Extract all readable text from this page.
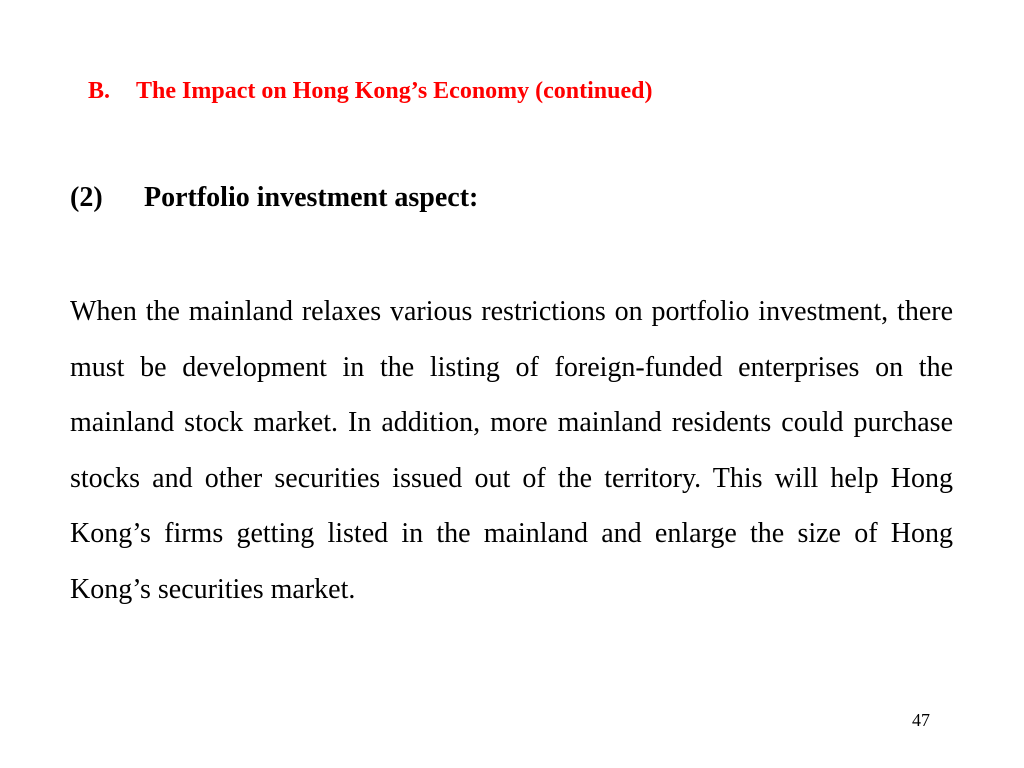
B. The Impact on Hong Kong’s Economy (continued)
(2) Portfolio investment aspect:

When the mainland relaxes various restrictions on portfolio investment, there must be development in the listing of foreign-funded enterprises on the mainland stock market. In addition, more mainland residents could purchase stocks and other securities issued out of the territory. This will help Hong Kong’s firms getting listed in the mainland and enlarge the size of Hong Kong’s securities market.

47
